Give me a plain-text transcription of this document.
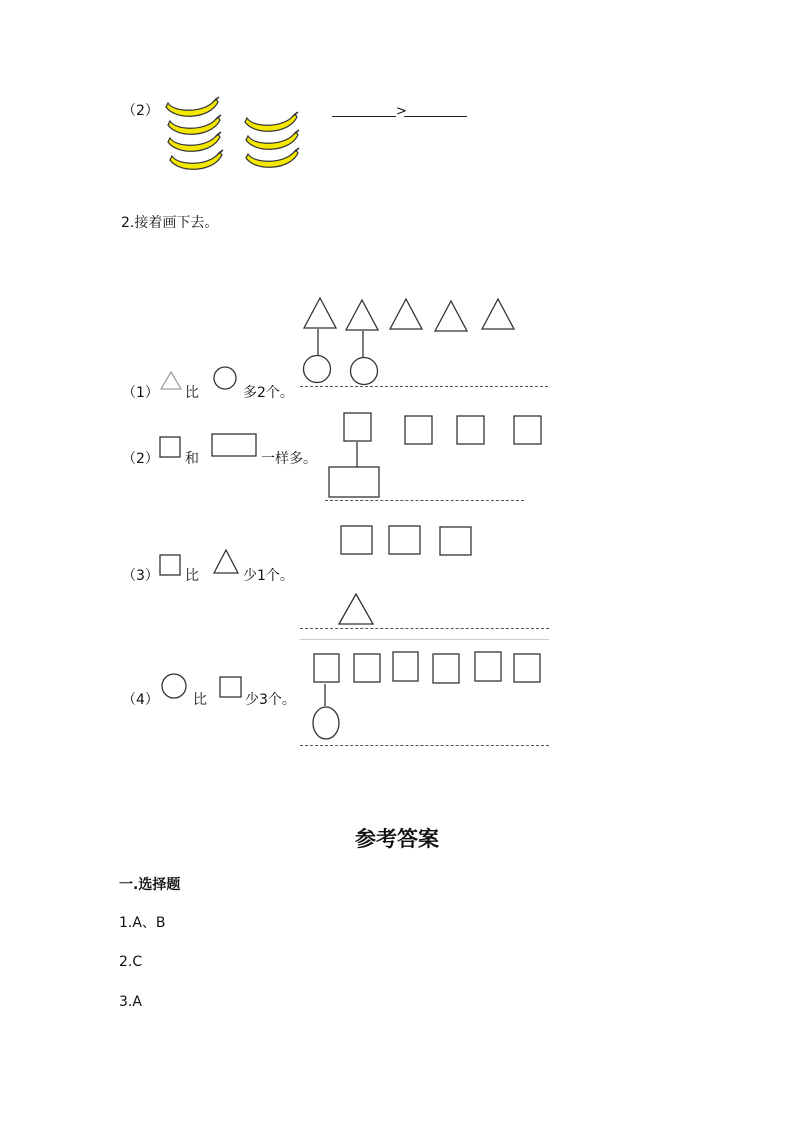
（2）	>
2.接着画下去。
（1） 比	多2个。
（2） 和	一样多。
（3） 比	少1个。
（4） 比	少3个。
参考答案
一.选择题
1.A、B
2.C
3.A
